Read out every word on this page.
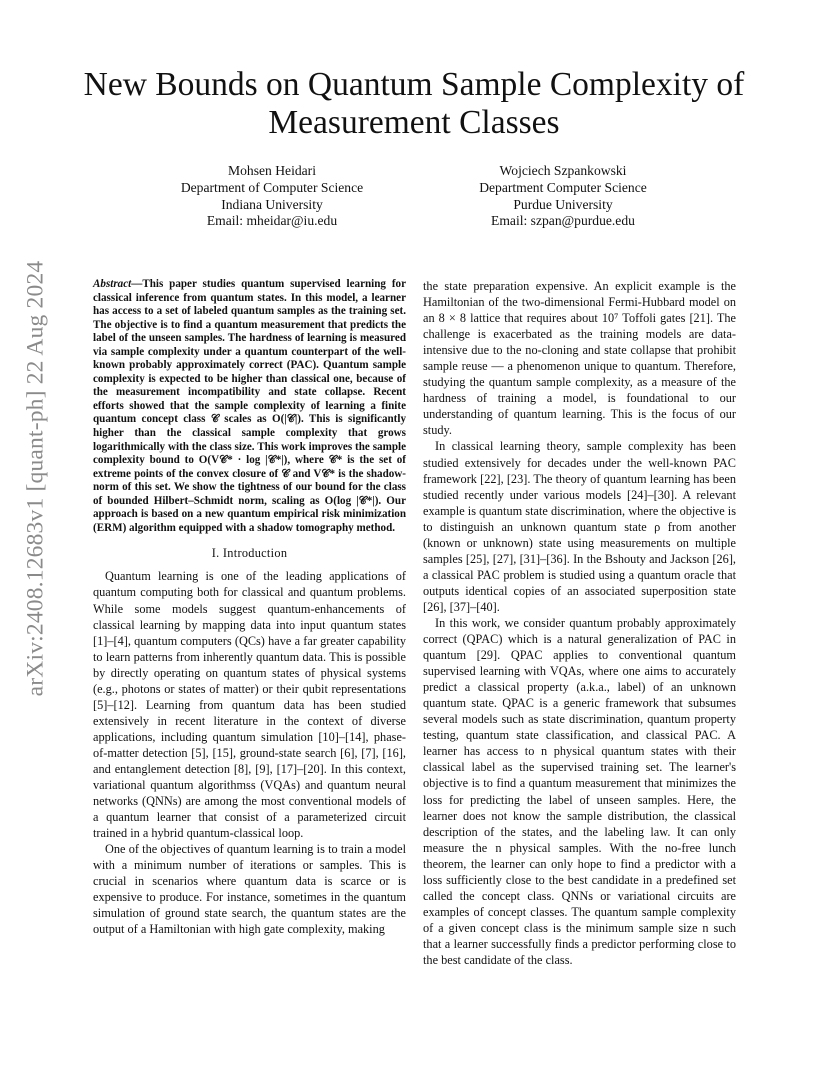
arXiv:2408.12683v1 [quant-ph] 22 Aug 2024
New Bounds on Quantum Sample Complexity of Measurement Classes
Mohsen Heidari
Department of Computer Science
Indiana University
Email: mheidar@iu.edu
Wojciech Szpankowski
Department Computer Science
Purdue University
Email: szpan@purdue.edu

Abstract—This paper studies quantum supervised learning for classical inference from quantum states. In this model, a learner has access to a set of labeled quantum samples as the training set. The objective is to find a quantum measurement that predicts the label of the unseen samples. The hardness of learning is measured via sample complexity under a quantum counterpart of the well-known probably approximately correct (PAC). Quantum sample complexity is expected to be higher than classical one, because of the measurement incompatibility and state collapse. Recent efforts showed that the sample complexity of learning a finite quantum concept class 𝒞 scales as O(|𝒞|). This is significantly higher than the classical sample complexity that grows logarithmically with the class size. This work improves the sample complexity bound to O(V𝒞* · log |𝒞*|), where 𝒞* is the set of extreme points of the convex closure of 𝒞 and V𝒞* is the shadow-norm of this set. We show the tightness of our bound for the class of bounded Hilbert–Schmidt norm, scaling as O(log |𝒞*|). Our approach is based on a new quantum empirical risk minimization (ERM) algorithm equipped with a shadow tomography method.

I. Introduction

Quantum learning is one of the leading applications of quantum computing both for classical and quantum problems. While some models suggest quantum-enhancements of classical learning by mapping data into input quantum states [1]–[4], quantum computers (QCs) have a far greater capability to learn patterns from inherently quantum data. This is possible by directly operating on quantum states of physical systems (e.g., photons or states of matter) or their qubit representations [5]–[12]. Learning from quantum data has been studied extensively in recent literature in the context of diverse applications, including quantum simulation [10]–[14], phase-of-matter detection [5], [15], ground-state search [6], [7], [16], and entanglement detection [8], [9], [17]–[20]. In this context, variational quantum algorithmss (VQAs) and quantum neural networks (QNNs) are among the most conventional models of a quantum learner that consist of a parameterized circuit trained in a hybrid quantum-classical loop.

One of the objectives of quantum learning is to train a model with a minimum number of iterations or samples. This is crucial in scenarios where quantum data is scarce or is expensive to produce. For instance, sometimes in the quantum simulation of ground state search, the quantum states are the output of a Hamiltonian with high gate complexity, making

the state preparation expensive. An explicit example is the Hamiltonian of the two-dimensional Fermi-Hubbard model on an 8 × 8 lattice that requires about 10⁷ Toffoli gates [21]. The challenge is exacerbated as the training models are data-intensive due to the no-cloning and state collapse that prohibit sample reuse — a phenomenon unique to quantum. Therefore, studying the quantum sample complexity, as a measure of the hardness of training a model, is foundational to our understanding of quantum learning. This is the focus of our study.

In classical learning theory, sample complexity has been studied extensively for decades under the well-known PAC framework [22], [23]. The theory of quantum learning has been studied recently under various models [24]–[30]. A relevant example is quantum state discrimination, where the objective is to distinguish an unknown quantum state ρ from another (known or unknown) state using measurements on multiple samples [25], [27], [31]–[36]. In the Bshouty and Jackson [26], a classical PAC problem is studied using a quantum oracle that outputs identical copies of an associated superposition state [26], [37]–[40].

In this work, we consider quantum probably approximately correct (QPAC) which is a natural generalization of PAC in quantum [29]. QPAC applies to conventional quantum supervised learning with VQAs, where one aims to accurately predict a classical property (a.k.a., label) of an unknown quantum state. QPAC is a generic framework that subsumes several models such as state discrimination, quantum property testing, quantum state classification, and classical PAC. A learner has access to n physical quantum states with their classical label as the supervised training set. The learner's objective is to find a quantum measurement that minimizes the loss for predicting the label of unseen samples. Here, the learner does not know the sample distribution, the classical description of the states, and the labeling law. It can only measure the n physical samples. With the no-free lunch theorem, the learner can only hope to find a predictor with a loss sufficiently close to the best candidate in a predefined set called the concept class. QNNs or variational circuits are examples of concept classes. The quantum sample complexity of a given concept class is the minimum sample size n such that a learner successfully finds a predictor performing close to the best candidate of the class.
